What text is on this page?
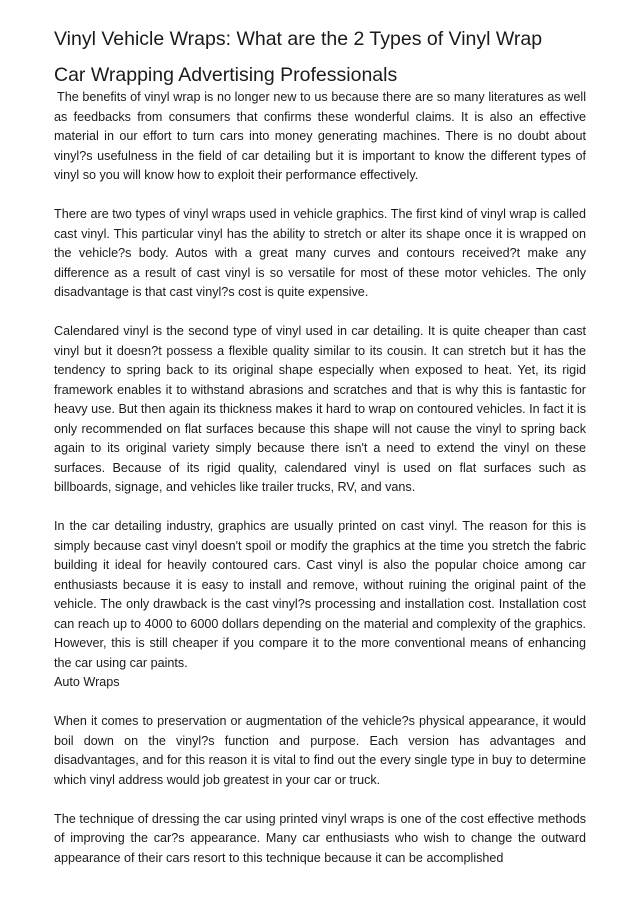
Vinyl Vehicle Wraps: What are the 2 Types of Vinyl Wrap
Car Wrapping Advertising Professionals

The benefits of vinyl wrap is no longer new to us because there are so many literatures as well as feedbacks from consumers that confirms these wonderful claims. It is also an effective material in our effort to turn cars into money generating machines. There is no doubt about vinyl?s usefulness in the field of car detailing but it is important to know the different types of vinyl so you will know how to exploit their performance effectively.

There are two types of vinyl wraps used in vehicle graphics. The first kind of vinyl wrap is called cast vinyl. This particular vinyl has the ability to stretch or alter its shape once it is wrapped on the vehicle?s body. Autos with a great many curves and contours received?t make any difference as a result of cast vinyl is so versatile for most of these motor vehicles. The only disadvantage is that cast vinyl?s cost is quite expensive.

Calendared vinyl is the second type of vinyl used in car detailing. It is quite cheaper than cast vinyl but it doesn?t possess a flexible quality similar to its cousin. It can stretch but it has the tendency to spring back to its original shape especially when exposed to heat. Yet, its rigid framework enables it to withstand abrasions and scratches and that is why this is fantastic for heavy use. But then again its thickness makes it hard to wrap on contoured vehicles. In fact it is only recommended on flat surfaces because this shape will not cause the vinyl to spring back again to its original variety simply because there isn't a need to extend the vinyl on these surfaces. Because of its rigid quality, calendared vinyl is used on flat surfaces such as billboards, signage, and vehicles like trailer trucks, RV, and vans.

In the car detailing industry, graphics are usually printed on cast vinyl. The reason for this is simply because cast vinyl doesn't spoil or modify the graphics at the time you stretch the fabric building it ideal for heavily contoured cars. Cast vinyl is also the popular choice among car enthusiasts because it is easy to install and remove, without ruining the original paint of the vehicle. The only drawback is the cast vinyl?s processing and installation cost. Installation cost can reach up to 4000 to 6000 dollars depending on the material and complexity of the graphics. However, this is still cheaper if you compare it to the more conventional means of enhancing the car using car paints.

Auto Wraps

When it comes to preservation or augmentation of the vehicle?s physical appearance, it would boil down on the vinyl?s function and purpose. Each version has advantages and disadvantages, and for this reason it is vital to find out the every single type in buy to determine which vinyl address would job greatest in your car or truck.

The technique of dressing the car using printed vinyl wraps is one of the cost effective methods of improving the car?s appearance. Many car enthusiasts who wish to change the outward appearance of their cars resort to this technique because it can be accomplished
